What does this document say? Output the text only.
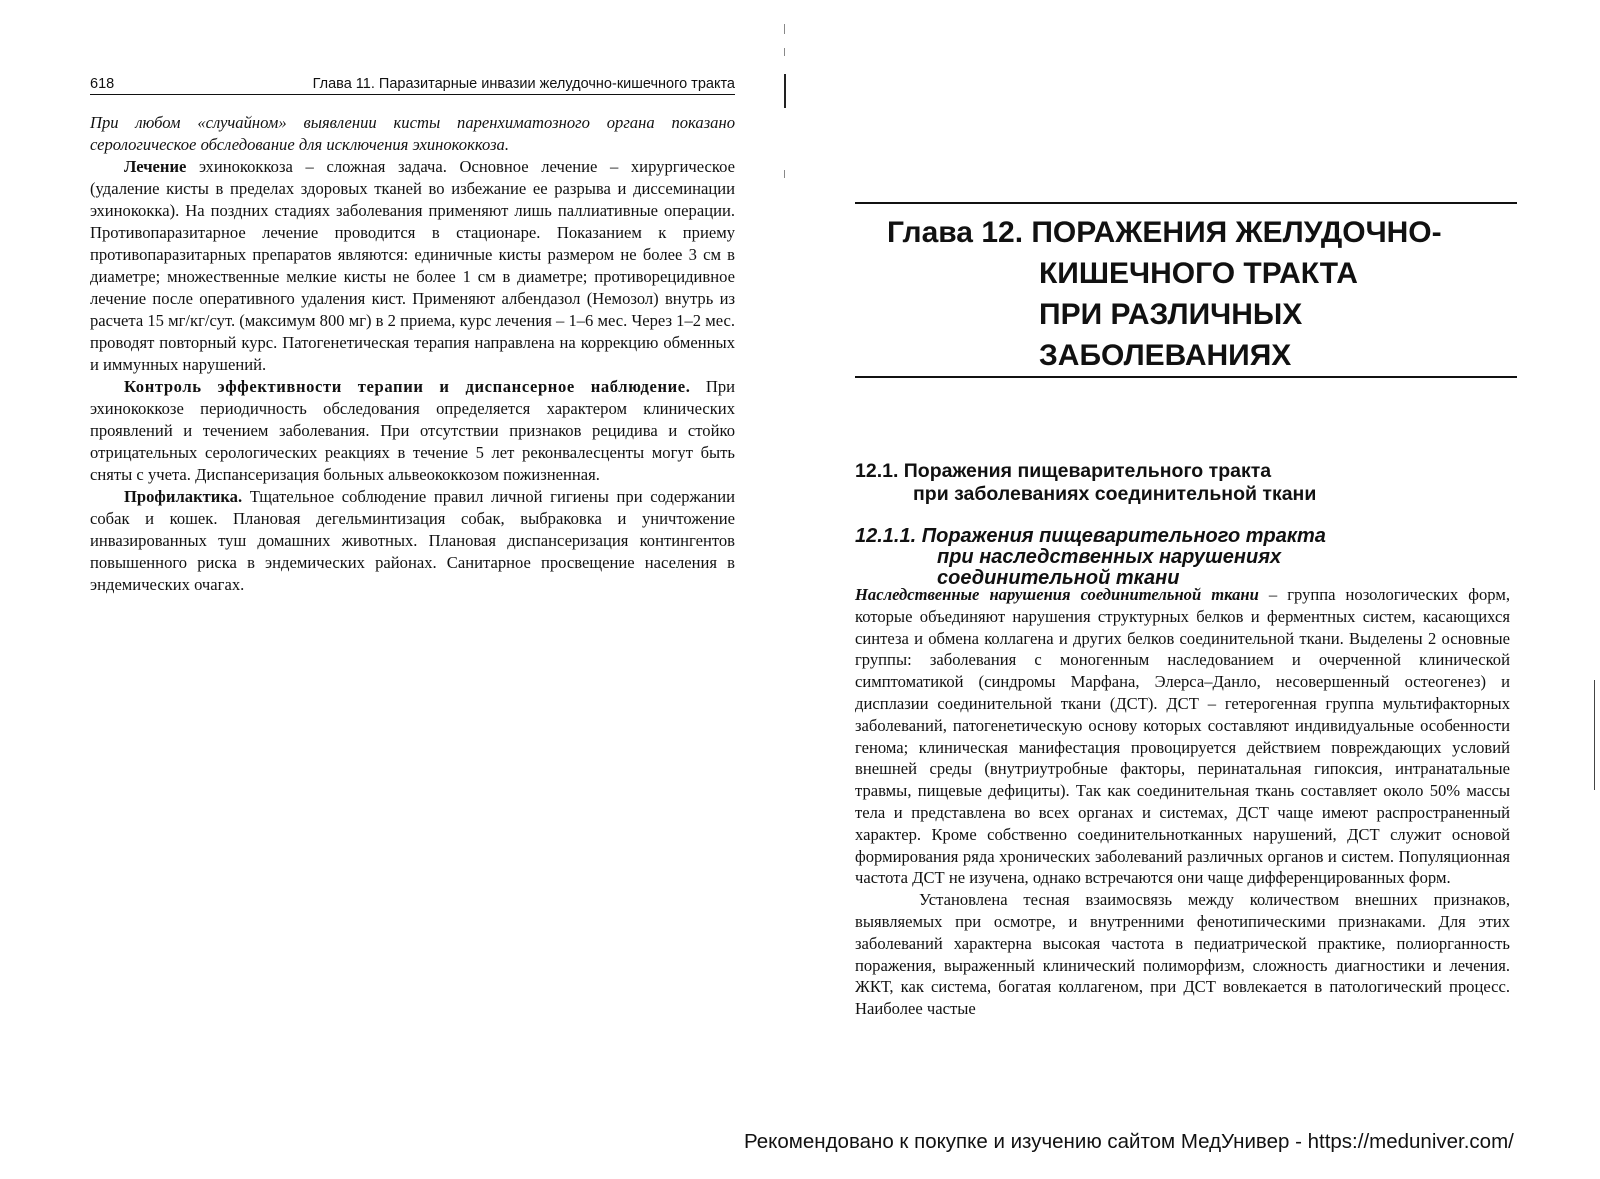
618	Глава 11. Паразитарные инвазии желудочно-кишечного тракта

При любом «случайном» выявлении кисты паренхиматозного органа показано серологическое обследование для исключения эхинококкоза.

Лечение эхинококкоза – сложная задача. Основное лечение – хирургическое (удаление кисты в пределах здоровых тканей во избежание ее разрыва и диссеминации эхинококка). На поздних стадиях заболевания применяют лишь паллиативные операции. Противопаразитарное лечение проводится в стационаре. Показанием к приему противопаразитарных препаратов являются: единичные кисты размером не более 3 см в диаметре; множественные мелкие кисты не более 1 см в диаметре; противорецидивное лечение после оперативного удаления кист. Применяют албендазол (Немозол) внутрь из расчета 15 мг/кг/сут. (максимум 800 мг) в 2 приема, курс лечения – 1–6 мес. Через 1–2 мес. проводят повторный курс. Патогенетическая терапия направлена на коррекцию обменных и иммунных нарушений.

Контроль эффективности терапии и диспансерное наблюдение. При эхинококкозе периодичность обследования определяется характером клинических проявлений и течением заболевания. При отсутствии признаков рецидива и стойко отрицательных серологических реакциях в течение 5 лет реконвалесценты могут быть сняты с учета. Диспансеризация больных альвеококкозом пожизненная.

Профилактика. Тщательное соблюдение правил личной гигиены при содержании собак и кошек. Плановая дегельминтизация собак, выбраковка и уничтожение инвазированных туш домашних животных. Плановая диспансеризация контингентов повышенного риска в эндемических районах. Санитарное просвещение населения в эндемических очагах.

Глава 12. ПОРАЖЕНИЯ ЖЕЛУДОЧНО-
КИШЕЧНОГО ТРАКТА
ПРИ РАЗЛИЧНЫХ
ЗАБОЛЕВАНИЯХ
12.1. Поражения пищеварительного тракта
при заболеваниях соединительной ткани
12.1.1. Поражения пищеварительного тракта
при наследственных нарушениях
соединительной ткани

Наследственные нарушения соединительной ткани – группа нозологических форм, которые объединяют нарушения структурных белков и ферментных систем, касающихся синтеза и обмена коллагена и других белков соединительной ткани. Выделены 2 основные группы: заболевания с моногенным наследованием и очерченной клинической симптоматикой (синдромы Марфана, Элерса–Данло, несовершенный остеогенез) и дисплазии соединительной ткани (ДСТ). ДСТ – гетерогенная группа мультифакторных заболеваний, патогенетическую основу которых составляют индивидуальные особенности генома; клиническая манифестация провоцируется действием повреждающих условий внешней среды (внутриутробные факторы, перинатальная гипоксия, интранатальные травмы, пищевые дефициты). Так как соединительная ткань составляет около 50% массы тела и представлена во всех органах и системах, ДСТ чаще имеют распространенный характер. Кроме собственно соединительнотканных нарушений, ДСТ служит основой формирования ряда хронических заболеваний различных органов и систем. Популяционная частота ДСТ не изучена, однако встречаются они чаще дифференцированных форм.

Установлена тесная взаимосвязь между количеством внешних признаков, выявляемых при осмотре, и внутренними фенотипическими признаками. Для этих заболеваний характерна высокая частота в педиатрической практике, полиорганность поражения, выраженный клинический полиморфизм, сложность диагностики и лечения. ЖКТ, как система, богатая коллагеном, при ДСТ вовлекается в патологический процесс. Наиболее частые

Рекомендовано к покупке и изучению сайтом МедУнивер - https://meduniver.com/
